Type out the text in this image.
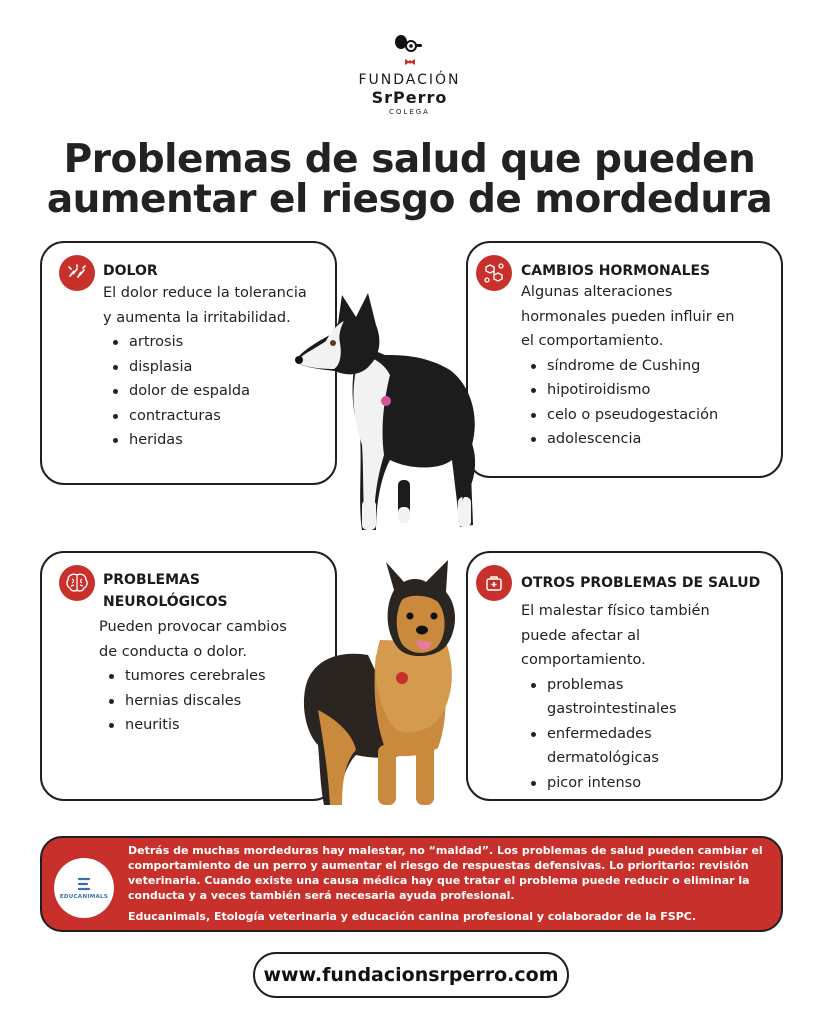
FUNDACIÓN
SrPerro
COLEGA
Problemas de salud que pueden
aumentar el riesgo de mordedura
DOLOR
El dolor reduce la tolerancia
y aumenta la irritabilidad.
artrosis
displasia
dolor de espalda
contracturas
heridas
CAMBIOS HORMONALES
Algunas alteraciones
hormonales pueden influir en
el comportamiento.
síndrome de Cushing
hipotiroidismo
celo o pseudogestación
adolescencia
PROBLEMAS
NEUROLÓGICOS
Pueden provocar cambios
de conducta o dolor.
tumores cerebrales
hernias discales
neuritis
OTROS PROBLEMAS DE SALUD
El malestar físico también
puede afectar al
comportamiento.
problemas
gastrointestinales
enfermedades
dermatológicas
picor intenso
EDUCANIMALS
Detrás de muchas mordeduras hay malestar, no “maldad”. Los problemas de salud pueden cambiar el comportamiento de un perro y aumentar el riesgo de respuestas defensivas. Lo prioritario: revisión veterinaria. Cuando existe una causa médica hay que tratar el problema puede reducir o eliminar la conducta y a veces también será necesaria ayuda profesional.
Educanimals, Etología veterinaria y educación canina profesional y colaborador de la FSPC.
www.fundacionsrperro.com
